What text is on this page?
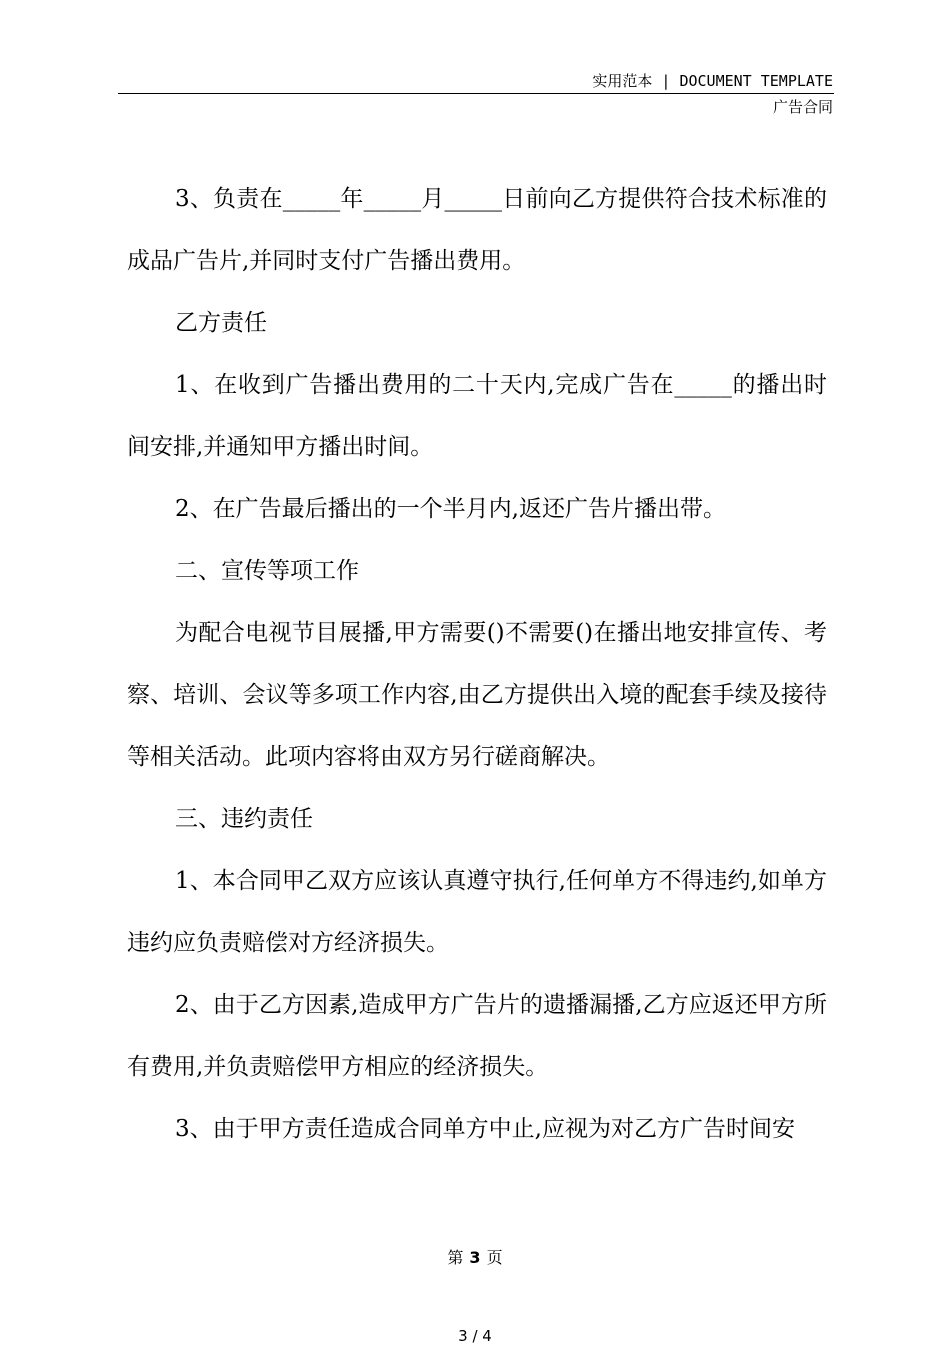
实用范本 | DOCUMENT TEMPLATE
广告合同

3、负责在_____年_____月_____日前向乙方提供符合技术标准的成品广告片,并同时支付广告播出费用。

乙方责任

1、在收到广告播出费用的二十天内,完成广告在_____的播出时间安排,并通知甲方播出时间。

2、在广告最后播出的一个半月内,返还广告片播出带。

二、宣传等项工作

为配合电视节目展播,甲方需要()不需要()在播出地安排宣传、考察、培训、会议等多项工作内容,由乙方提供出入境的配套手续及接待等相关活动。此项内容将由双方另行磋商解决。

三、违约责任

1、本合同甲乙双方应该认真遵守执行,任何单方不得违约,如单方违约应负责赔偿对方经济损失。

2、由于乙方因素,造成甲方广告片的遗播漏播,乙方应返还甲方所有费用,并负责赔偿甲方相应的经济损失。

3、由于甲方责任造成合同单方中止,应视为对乙方广告时间安

第 3 页
3 / 4
